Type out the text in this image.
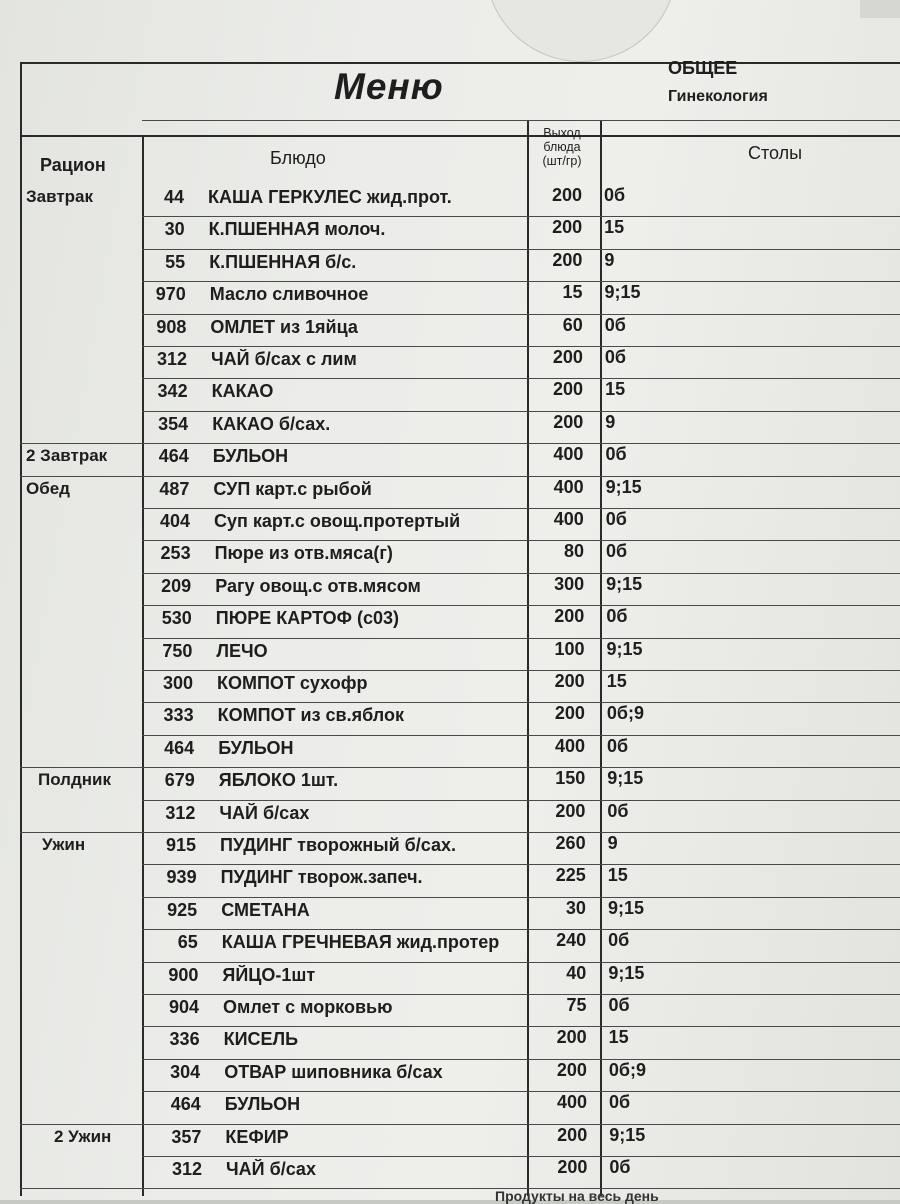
Меню	ОБЩЕЕ
Гинекология
Рацион	Блюдо
Выход
блюда
(шт/гр)	Столы
Завтрак	44 КАША ГЕРКУЛЕС жид.прот.	200 0б
30 К.ПШЕННАЯ молоч.	200 15
55 К.ПШЕННАЯ б/с.	200 9
970 Масло сливочное	15 9;15
908 ОМЛЕТ из 1яйца	60 0б
312 ЧАЙ б/сах с лим	200 0б
342 КАКАО	200 15
354 КАКАО б/сах.	200 9
2 Завтрак	464 БУЛЬОН	400 0б
Обед	487 СУП карт.с рыбой	400 9;15
404 Суп карт.с овощ.протертый	400 0б
253 Пюре из отв.мяса(г)	80 0б
209 Рагу овощ.с отв.мясом	300 9;15
530 ПЮРЕ КАРТОФ (с03)	200 0б
750 ЛЕЧО	100 9;15
300 КОМПОТ сухофр	200 15
333 КОМПОТ из св.яблок	200 0б;9
464 БУЛЬОН	400 0б
Полдник	679 ЯБЛОКО 1шт.	150 9;15
312 ЧАЙ б/сах	200 0б
Ужин	915 ПУДИНГ творожный б/сах.	260 9
939 ПУДИНГ творож.запеч.	225 15
925 СМЕТАНА	30 9;15
65 КАША ГРЕЧНЕВАЯ жид.протер	240 0б
900 ЯЙЦО-1шт	40 9;15
904 Омлет с морковью	75 0б
336 КИСЕЛЬ	200 15
304 ОТВАР шиповника б/сах	200 0б;9
464 БУЛЬОН	400 0б
2 Ужин	357 КЕФИР	200 9;15
312 ЧАЙ б/сах	200 0б
Продукты на весь день
